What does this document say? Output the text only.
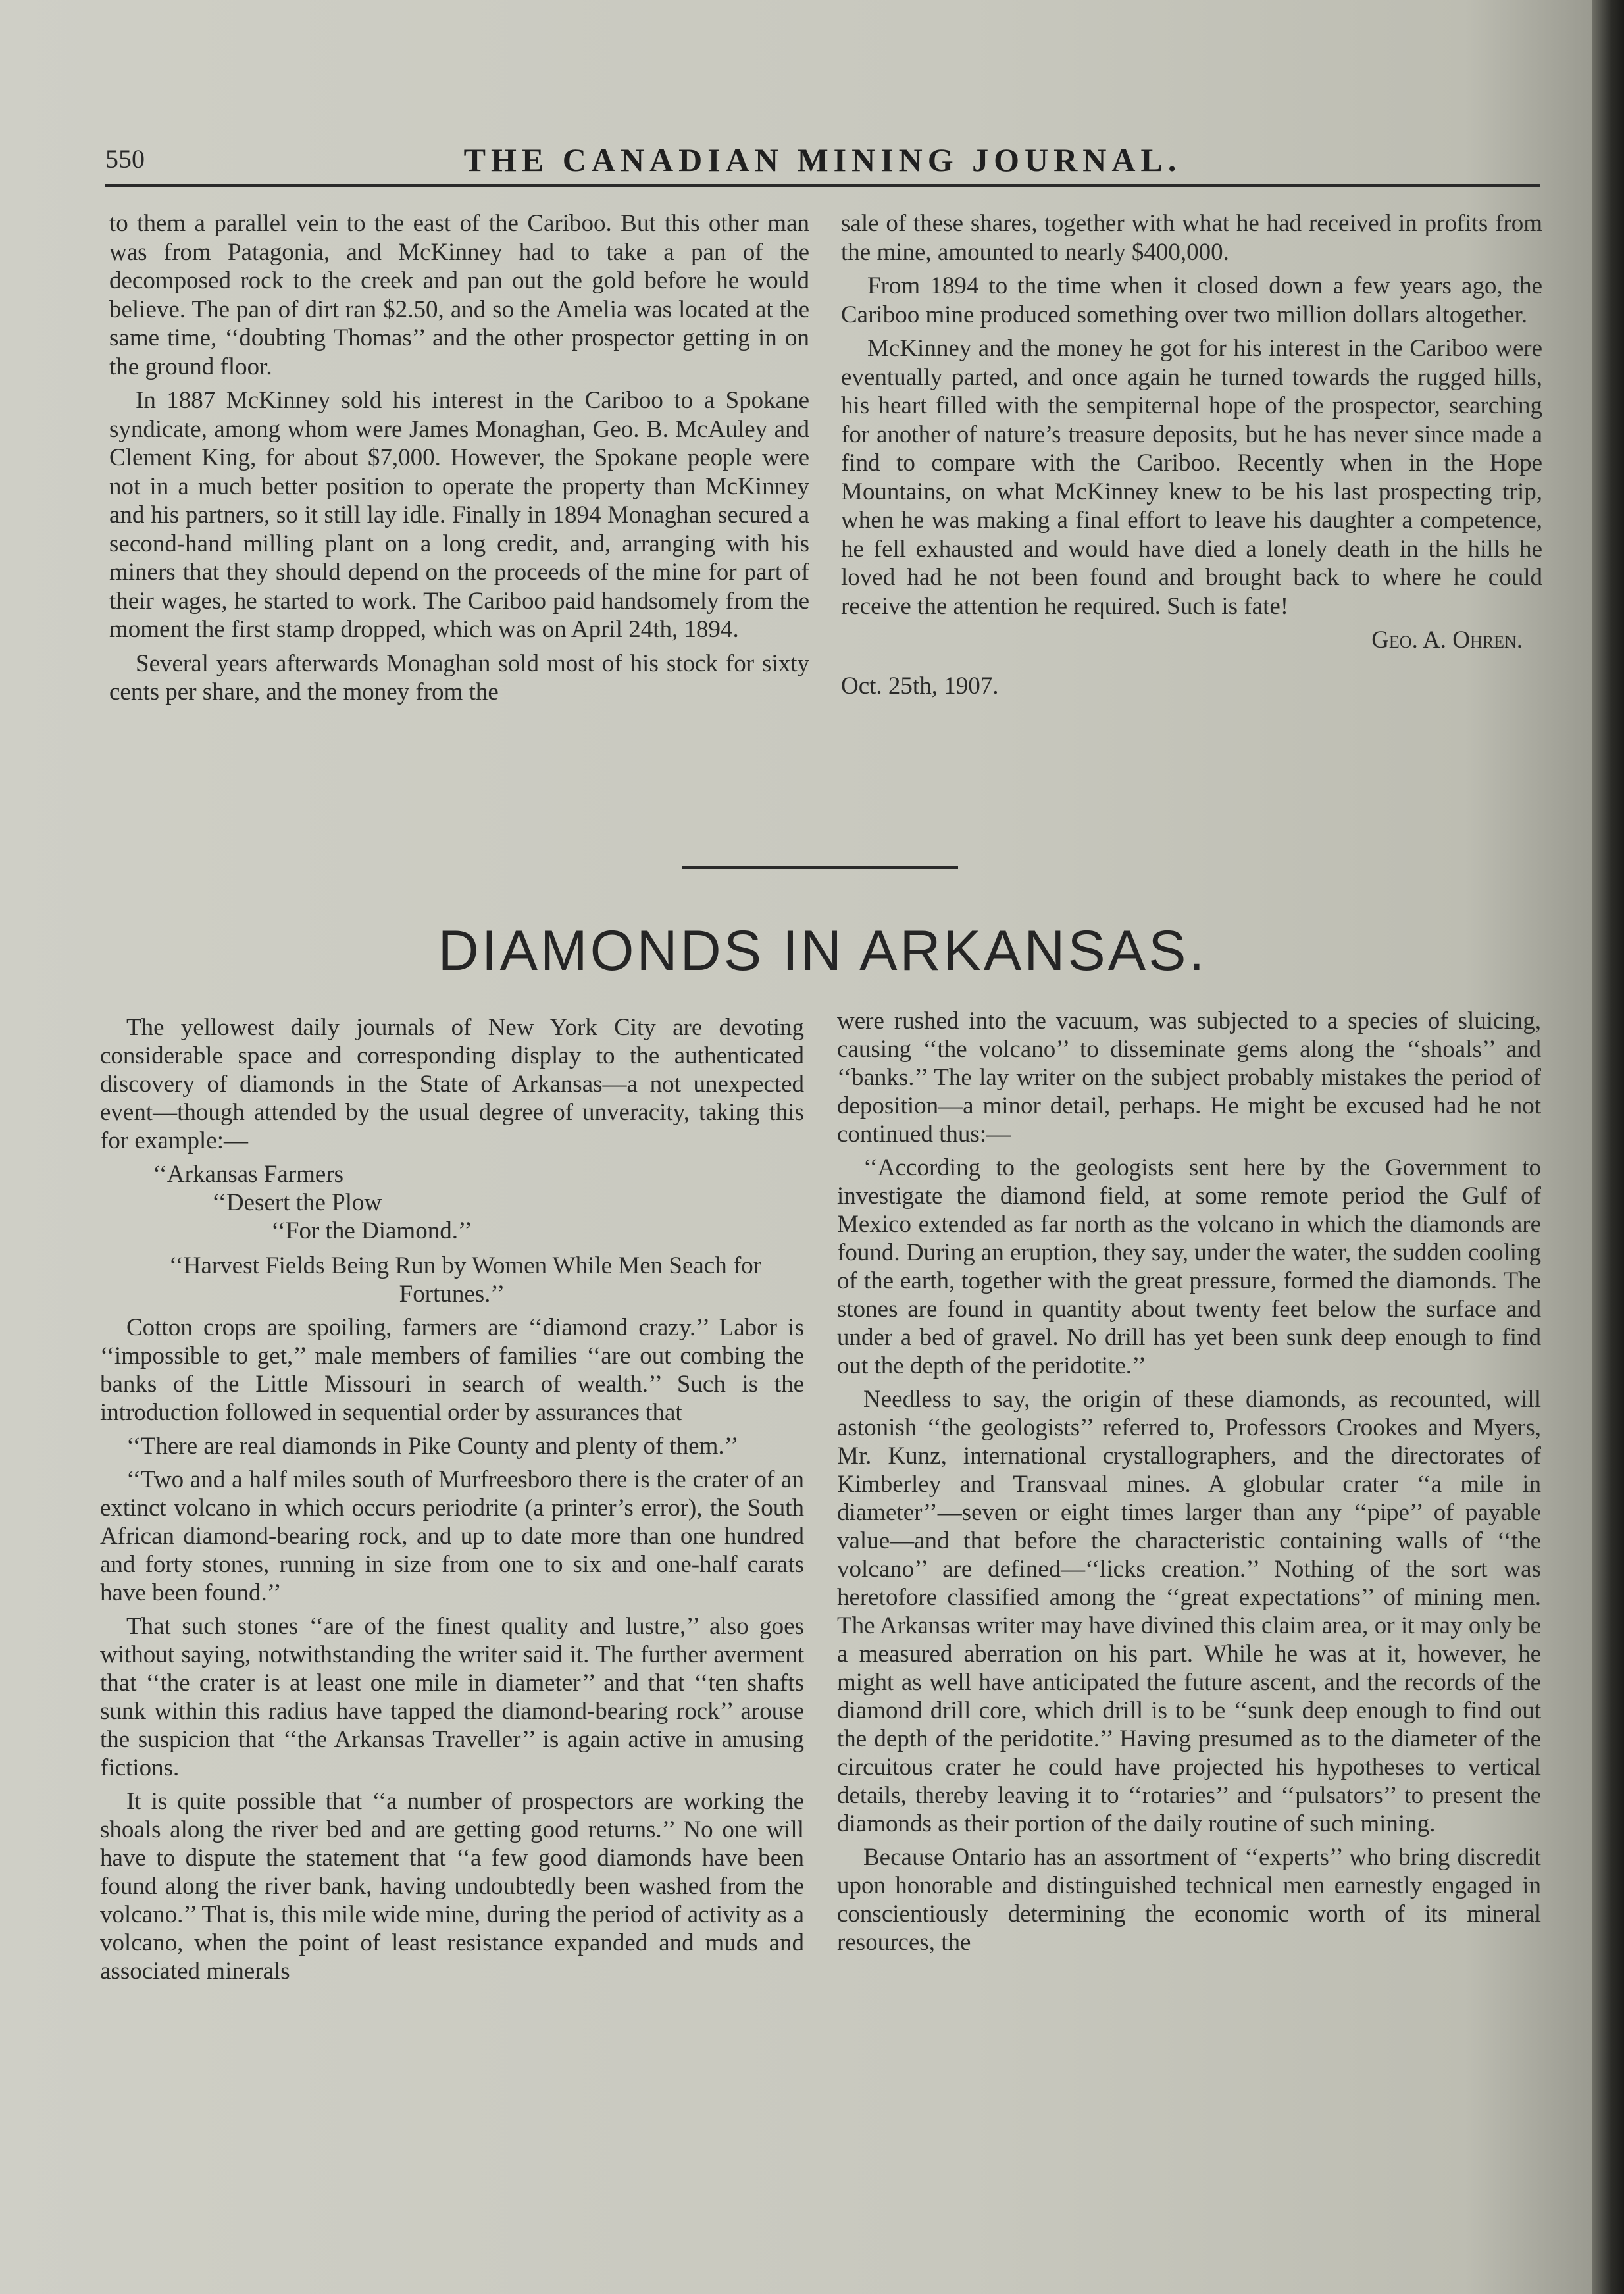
550	THE CANADIAN MINING JOURNAL.

to them a parallel vein to the east of the Cariboo. But this other man was from Patagonia, and McKinney had to take a pan of the decomposed rock to the creek and pan out the gold before he would believe. The pan of dirt ran $2.50, and so the Amelia was located at the same time, ‘‘doubting Thomas’’ and the other prospector getting in on the ground floor.

In 1887 McKinney sold his interest in the Cariboo to a Spokane syndicate, among whom were James Monaghan, Geo. B. McAuley and Clement King, for about $7,000. However, the Spokane people were not in a much better position to operate the property than McKinney and his partners, so it still lay idle. Finally in 1894 Monaghan secured a second-hand milling plant on a long credit, and, arranging with his miners that they should depend on the proceeds of the mine for part of their wages, he started to work. The Cariboo paid handsomely from the moment the first stamp dropped, which was on April 24th, 1894.

Several years afterwards Monaghan sold most of his stock for sixty cents per share, and the money from the

sale of these shares, together with what he had received in profits from the mine, amounted to nearly $400,000.

From 1894 to the time when it closed down a few years ago, the Cariboo mine produced something over two million dollars altogether.

McKinney and the money he got for his interest in the Cariboo were eventually parted, and once again he turned towards the rugged hills, his heart filled with the sempiternal hope of the prospector, searching for another of nature’s treasure deposits, but he has never since made a find to compare with the Cariboo. Recently when in the Hope Mountains, on what McKinney knew to be his last prospecting trip, when he was making a final effort to leave his daughter a competence, he fell exhausted and would have died a lonely death in the hills he loved had he not been found and brought back to where he could receive the attention he required. Such is fate!

Geo. A. Ohren.
Oct. 25th, 1907.
DIAMONDS IN ARKANSAS.

The yellowest daily journals of New York City are devoting considerable space and corresponding display to the authenticated discovery of diamonds in the State of Arkansas—a not unexpected event—though attended by the usual degree of unveracity, taking this for example:—

‘‘Arkansas Farmers
‘‘Desert the Plow
‘‘For the Diamond.’’

‘‘Harvest Fields Being Run by Women While Men Seach for Fortunes.’’

Cotton crops are spoiling, farmers are ‘‘diamond crazy.’’ Labor is ‘‘impossible to get,’’ male members of families ‘‘are out combing the banks of the Little Missouri in search of wealth.’’ Such is the introduction followed in sequential order by assurances that

‘‘There are real diamonds in Pike County and plenty of them.’’

‘‘Two and a half miles south of Murfreesboro there is the crater of an extinct volcano in which occurs periodrite (a printer’s error), the South African diamond-bearing rock, and up to date more than one hundred and forty stones, running in size from one to six and one-half carats have been found.’’

That such stones ‘‘are of the finest quality and lustre,’’ also goes without saying, notwithstanding the writer said it. The further averment that ‘‘the crater is at least one mile in diameter’’ and that ‘‘ten shafts sunk within this radius have tapped the diamond-bearing rock’’ arouse the suspicion that ‘‘the Arkansas Traveller’’ is again active in amusing fictions.

It is quite possible that ‘‘a number of prospectors are working the shoals along the river bed and are getting good returns.’’ No one will have to dispute the statement that ‘‘a few good diamonds have been found along the river bank, having undoubtedly been washed from the volcano.’’ That is, this mile wide mine, during the period of activity as a volcano, when the point of least resistance expanded and muds and associated minerals

were rushed into the vacuum, was subjected to a species of sluicing, causing ‘‘the volcano’’ to disseminate gems along the ‘‘shoals’’ and ‘‘banks.’’ The lay writer on the subject probably mistakes the period of deposition—a minor detail, perhaps. He might be excused had he not continued thus:—

‘‘According to the geologists sent here by the Government to investigate the diamond field, at some remote period the Gulf of Mexico extended as far north as the volcano in which the diamonds are found. During an eruption, they say, under the water, the sudden cooling of the earth, together with the great pressure, formed the diamonds. The stones are found in quantity about twenty feet below the surface and under a bed of gravel. No drill has yet been sunk deep enough to find out the depth of the peridotite.’’

Needless to say, the origin of these diamonds, as recounted, will astonish ‘‘the geologists’’ referred to, Professors Crookes and Myers, Mr. Kunz, international crystallographers, and the directorates of Kimberley and Transvaal mines. A globular crater ‘‘a mile in diameter’’—seven or eight times larger than any ‘‘pipe’’ of payable value—and that before the characteristic containing walls of ‘‘the volcano’’ are defined—‘‘licks creation.’’ Nothing of the sort was heretofore classified among the ‘‘great expectations’’ of mining men. The Arkansas writer may have divined this claim area, or it may only be a measured aberration on his part. While he was at it, however, he might as well have anticipated the future ascent, and the records of the diamond drill core, which drill is to be ‘‘sunk deep enough to find out the depth of the peridotite.’’ Having presumed as to the diameter of the circuitous crater he could have projected his hypotheses to vertical details, thereby leaving it to ‘‘rotaries’’ and ‘‘pulsators’’ to present the diamonds as their portion of the daily routine of such mining.

Because Ontario has an assortment of ‘‘experts’’ who bring discredit upon honorable and distinguished technical men earnestly engaged in conscientiously determining the economic worth of its mineral resources, the
